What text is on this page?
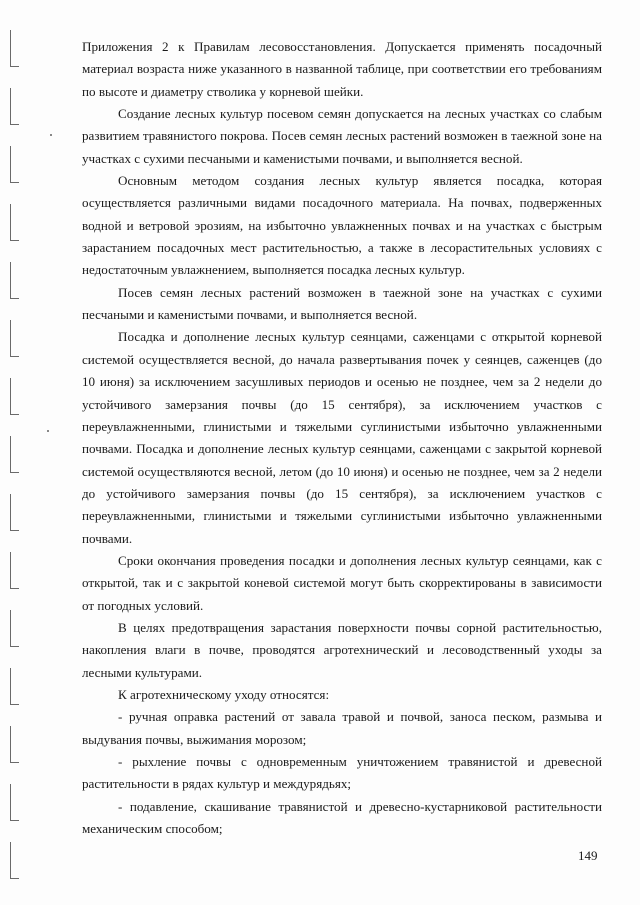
Приложения 2 к Правилам лесовосстановления. Допускается применять посадочный материал возраста ниже указанного в названной таблице, при соответствии его требованиям по высоте и диаметру стволика у корневой шейки.

Создание лесных культур посевом семян допускается на лесных участках со слабым развитием травянистого покрова. Посев семян лесных растений возможен в таежной зоне на участках с сухими песчаными и каменистыми почвами, и выполняется весной.

Основным методом создания лесных культур является посадка, которая осуществляется различными видами посадочного материала. На почвах, подверженных водной и ветровой эрозиям, на избыточно увлажненных почвах и на участках с быстрым зарастанием посадочных мест растительностью, а также в лесорастительных условиях с недостаточным увлажнением, выполняется посадка лесных культур.

Посев семян лесных растений возможен в таежной зоне на участках с сухими песчаными и каменистыми почвами, и выполняется весной.

Посадка и дополнение лесных культур сеянцами, саженцами с открытой корневой системой осуществляется весной, до начала развертывания почек у сеянцев, саженцев (до 10 июня) за исключением засушливых периодов и осенью не позднее, чем за 2 недели до устойчивого замерзания почвы (до 15 сентября), за исключением участков с переувлажненными, глинистыми и тяжелыми суглинистыми избыточно увлажненными почвами. Посадка и дополнение лесных культур сеянцами, саженцами с закрытой корневой системой осуществляются весной, летом (до 10 июня) и осенью не позднее, чем за 2 недели до устойчивого замерзания почвы (до 15 сентября), за исключением участков с переувлажненными, глинистыми и тяжелыми суглинистыми избыточно увлажненными почвами.

Сроки окончания проведения посадки и дополнения лесных культур сеянцами, как с открытой, так и с закрытой коневой системой могут быть скорректированы в зависимости от погодных условий.

В целях предотвращения зарастания поверхности почвы сорной растительностью, накопления влаги в почве, проводятся агротехнический и лесоводственный уходы за лесными культурами.

К агротехническому уходу относятся:

- ручная оправка растений от завала травой и почвой, заноса песком, размыва и выдувания почвы, выжимания морозом;

- рыхление почвы с одновременным уничтожением травянистой и древесной растительности в рядах культур и междурядьях;

- подавление, скашивание травянистой и древесно-кустарниковой растительности механическим способом;

149
